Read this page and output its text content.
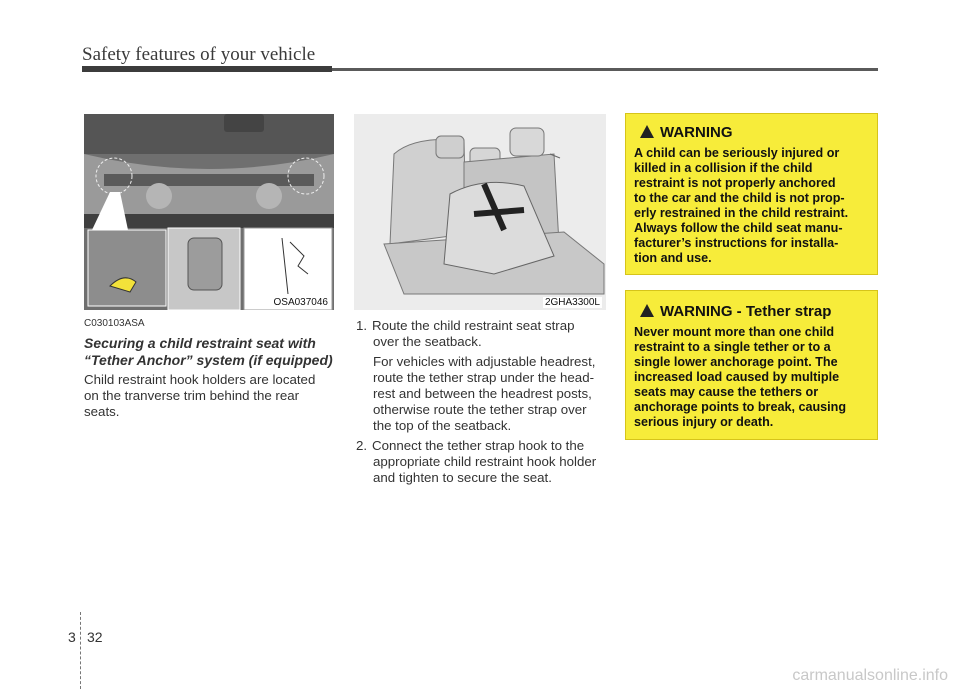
Safety features of your vehicle
OSA037046	2GHA3300L
C030103ASA
Securing a child restraint seat with
“Tether Anchor” system (if equipped)
Child restraint hook holders are located
on the tranverse trim behind the rear
seats.
1. Route the child restraint seat strap
over the seatback.
For vehicles with adjustable headrest,
route the tether strap under the head-
rest and between the headrest posts,
otherwise route the tether strap over
the top of the seatback.
2. Connect the tether strap hook to the
appropriate child restraint hook holder
and tighten to secure the seat.
WARNING
A child can be seriously injured or
killed in a collision if the child
restraint is not properly anchored
to the car and the child is not prop-
erly restrained in the child restraint.
Always follow the child seat manu-
facturer’s instructions for installa-
tion and use.
WARNING - Tether strap
Never mount more than one child
restraint to a single tether or to a
single lower anchorage point. The
increased load caused by multiple
seats may cause the tethers or
anchorage points to break, causing
serious injury or death.
3 32
carmanualsonline.info
